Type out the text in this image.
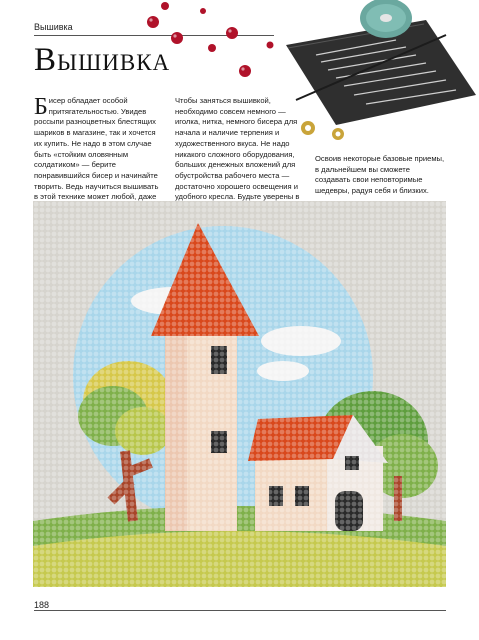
Вышивка
Вышивка
Б исер обладает особой притягательностью. Увидев россыпи разноцветных блестящих шариков в магазине, так и хочется их купить. Не надо в этом случае быть «стойким оловянным солдатиком» — берите понравившийся бисер и начинайте творить. Ведь научиться вышивать в этой технике может любой, даже
Чтобы заняться вышивкой, необходимо совсем немного — иголка, нитка, немного бисера для начала и наличие терпения и художественного вкуса. Не надо никакого сложного оборудования, больших денежных вложений для обустройства рабочего места — достаточно хорошего освещения и удобного кресла. Будьте уверены в
Освоив некоторые базовые приемы, в дальнейшем вы сможете создавать свои неповторимые шедевры, радуя себя и близких.
188
